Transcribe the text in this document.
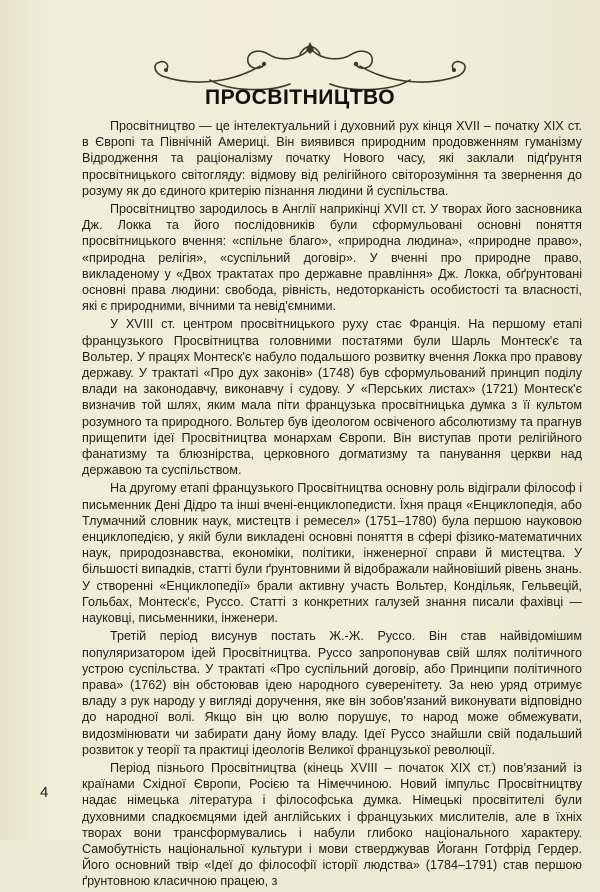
ПРОСВІТНИЦТВО

Просвітництво — це інтелектуальний і духовний рух кінця XVII – початку XIX ст. в Європі та Північній Америці. Він виявився природним продовженням гуманізму Відродження та раціоналізму початку Нового часу, які заклали підґрунтя просвітницького світогляду: відмову від релігійного світорозуміння та звернення до розуму як до єдиного критерію пізнання людини й суспільства.

Просвітництво зародилось в Англії наприкінці XVII ст. У творах його засновника Дж. Локка та його послідовників були сформульовані основні поняття просвітницького вчення: «спільне благо», «природна людина», «природне право», «природна релігія», «суспільний договір». У вченні про природне право, викладеному у «Двох трактатах про державне правління» Дж. Локка, обґрунтовані основні права людини: свобода, рівність, недоторканість особистості та власності, які є природними, вічними та невід'ємними.

У XVIII ст. центром просвітницького руху стає Франція. На першому етапі французького Просвітництва головними постатями були Шарль Монтеск'є та Вольтер. У працях Монтеск'є набуло подальшого розвитку вчення Локка про правову державу. У трактаті «Про дух законів» (1748) був сформульований принцип поділу влади на законодавчу, виконавчу і судову. У «Перських листах» (1721) Монтеск'є визначив той шлях, яким мала піти французька просвітницька думка з її культом розумного та природного. Вольтер був ідеологом освіченого абсолютизму та прагнув прищепити ідеї Просвітництва монархам Європи. Він виступав проти релігійного фанатизму та блюзнірства, церковного догматизму та панування церкви над державою та суспільством.

На другому етапі французького Просвітництва основну роль відіграли філософ і письменник Дені Дідро та інші вчені-енциклопедисти. Їхня праця «Енциклопедія, або Тлумачний словник наук, мистецтв і ремесел» (1751–1780) була першою науковою енциклопедією, у якій були викладені основні поняття в сфері фізико-математичних наук, природознавства, економіки, політики, інженерної справи й мистецтва. У більшості випадків, статті були ґрунтовними й відображали найновіший рівень знань. У створенні «Енциклопедії» брали активну участь Вольтер, Кондільяк, Гельвецій, Гольбах, Монтеск'є, Руссо. Статті з конкретних галузей знання писали фахівці — науковці, письменники, інженери.

Третій період висунув постать Ж.-Ж. Руссо. Він став найвідомішим популяризатором ідей Просвітництва. Руссо запропонував свій шлях політичного устрою суспільства. У трактаті «Про суспільний договір, або Принципи політичного права» (1762) він обстоював ідею народного суверенітету. За нею уряд отримує владу з рук народу у вигляді доручення, яке він зобов'язаний виконувати відповідно до народної волі. Якщо він цю волю порушує, то народ може обмежувати, видозмінювати чи забирати дану йому владу. Ідеї Руссо знайшли свій подальший розвиток у теорії та практиці ідеологів Великої французької революції.

Період пізнього Просвітництва (кінець XVIII – початок XIX ст.) пов'язаний із країнами Східної Європи, Росією та Німеччиною. Новий імпульс Просвітництву надає німецька література і філософська думка. Німецькі просвітителі були духовними спадкоємцями ідей англійських і французьких мислителів, але в їхніх творах вони трансформувались і набули глибоко національного характеру. Самобутність національної культури і мови стверджував Йоганн Готфрід Гердер. Його основний твір «Ідеї до філософії історії людства» (1784–1791) став першою ґрунтовною класичною працею, з

4
